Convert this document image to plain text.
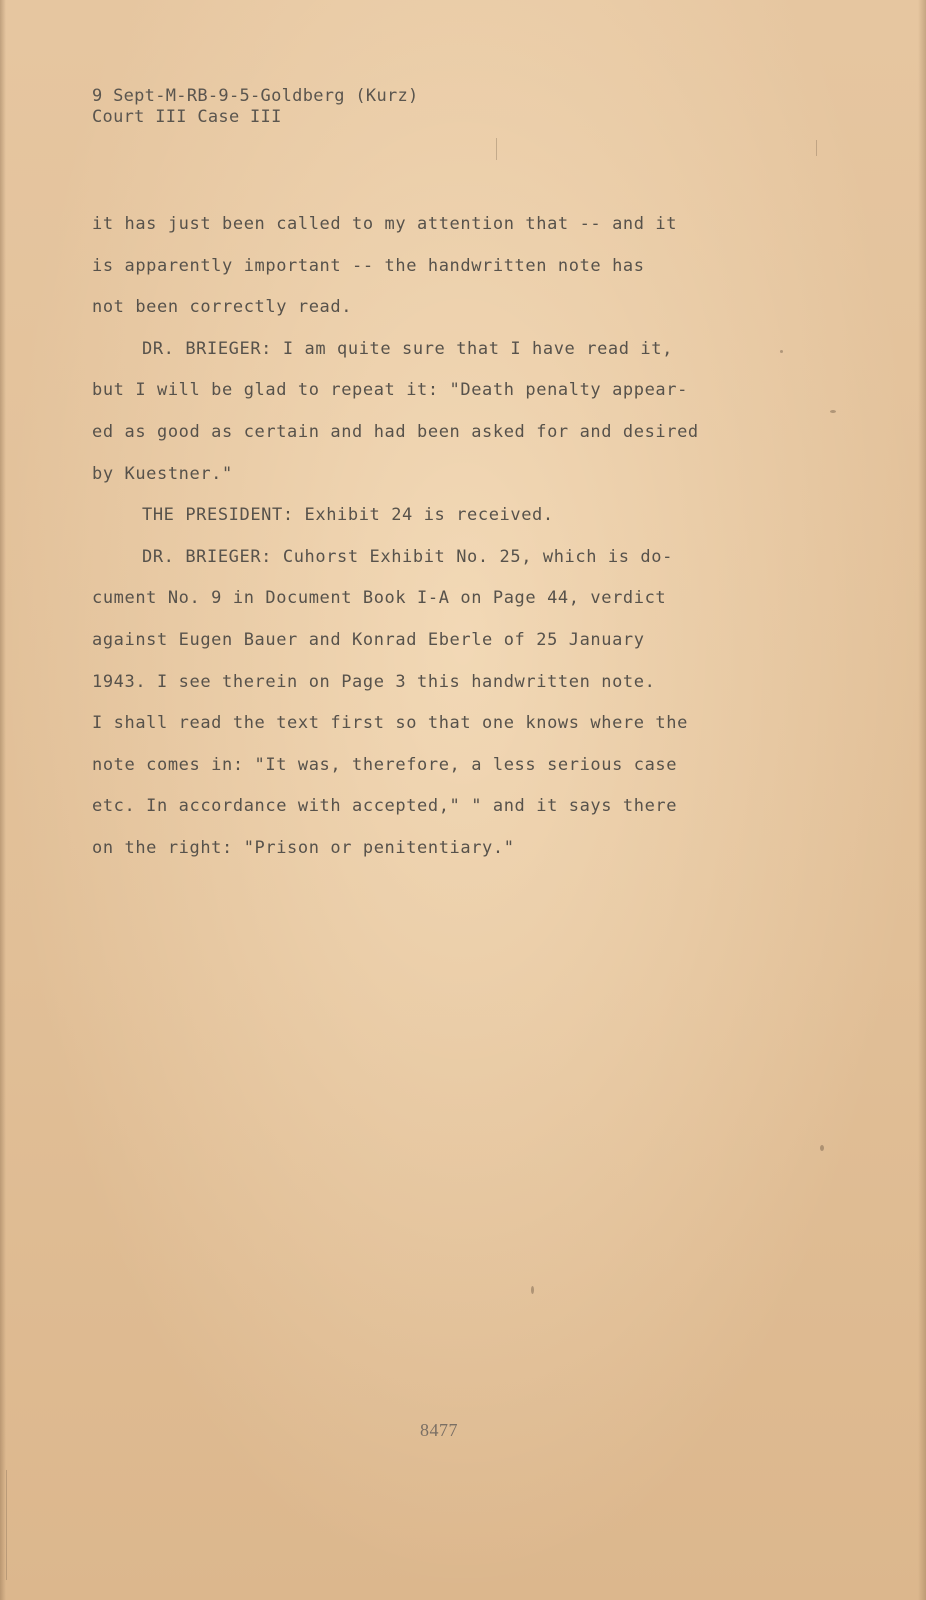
9 Sept-M-RB-9-5-Goldberg (Kurz)
Court III Case III
it has just been called to my attention that -- and it
is apparently important -- the handwritten note has
not been correctly read.
DR. BRIEGER: I am quite sure that I have read it,
but I will be glad to repeat it: "Death penalty appear-
ed as good as certain and had been asked for and desired
by Kuestner."
THE PRESIDENT: Exhibit 24 is received.
DR. BRIEGER: Cuhorst Exhibit No. 25, which is do-
cument No. 9 in Document Book I-A on Page 44, verdict
against Eugen Bauer and Konrad Eberle of 25 January
1943. I see therein on Page 3 this handwritten note.
I shall read the text first so that one knows where the
note comes in: "It was, therefore, a less serious case
etc. In accordance with accepted," " and it says there
on the right: "Prison or penitentiary."
8477
